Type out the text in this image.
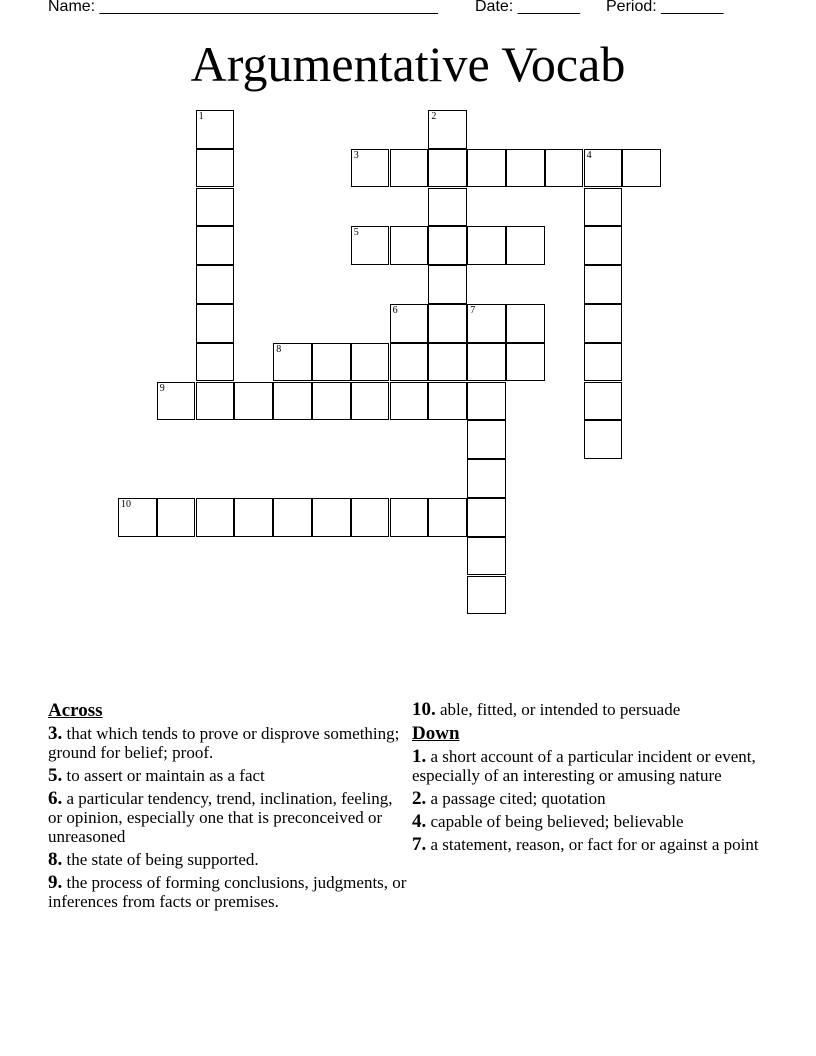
Name: ______________________________________ Date: _______ Period: _______
Argumentative Vocab
1	2
3	4
5
6	7
8
9
10
Across
3. that which tends to prove or disprove something; ground for belief; proof.
5. to assert or maintain as a fact
6. a particular tendency, trend, inclination, feeling, or opinion, especially one that is preconceived or unreasoned
8. the state of being supported.
9. the process of forming conclusions, judgments, or inferences from facts or premises.
10. able, fitted, or intended to persuade
Down
1. a short account of a particular incident or event, especially of an interesting or amusing nature
2. a passage cited; quotation
4. capable of being believed; believable
7. a statement, reason, or fact for or against a point
